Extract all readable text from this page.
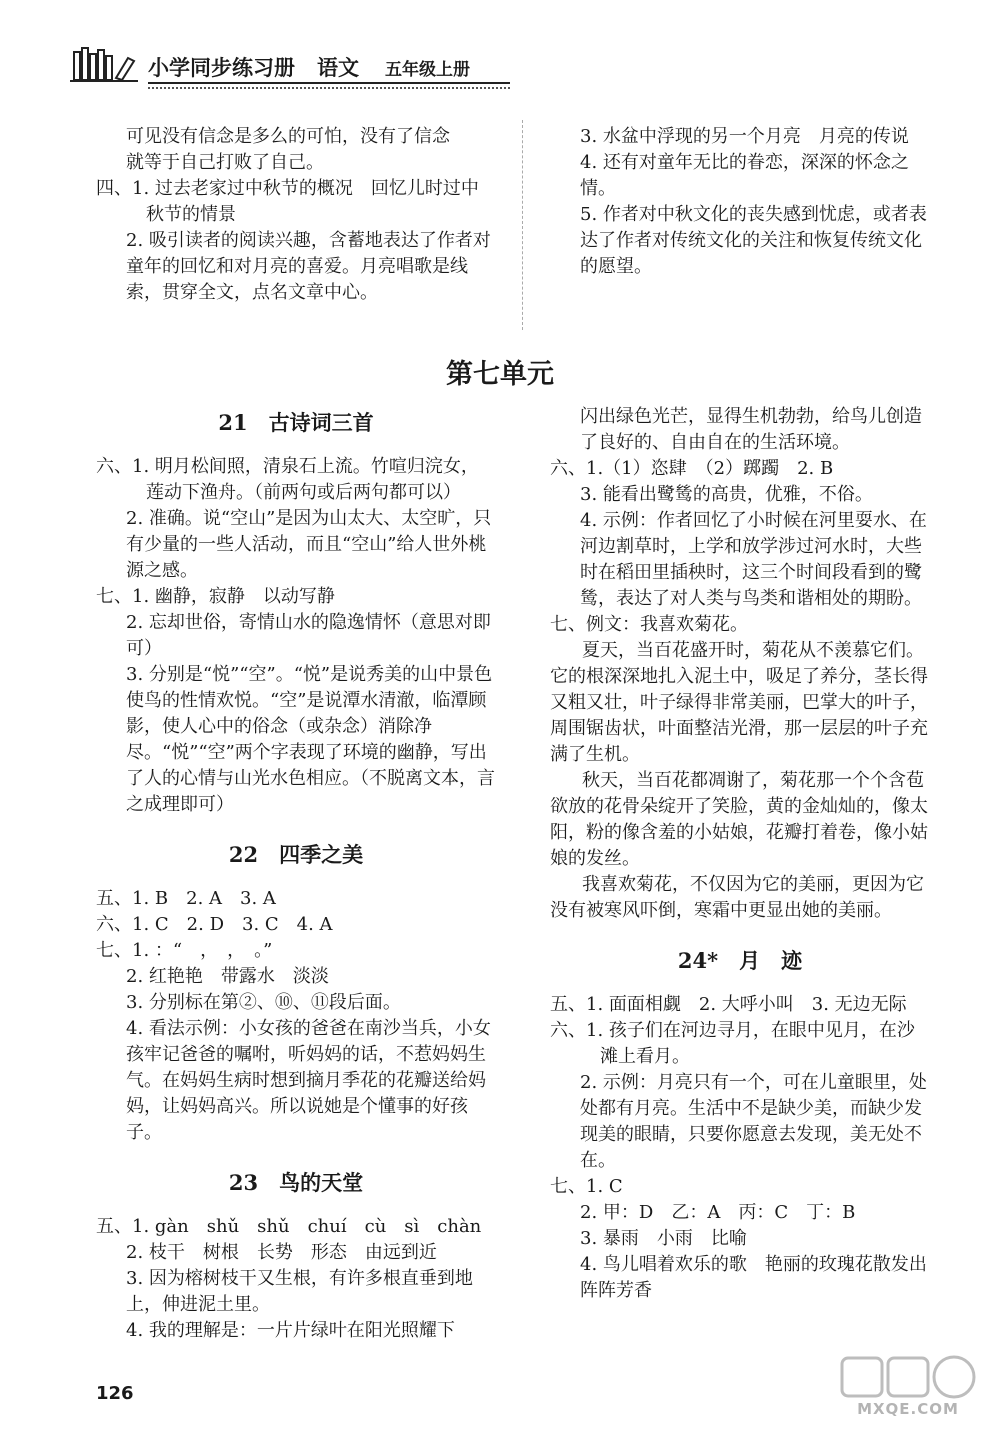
小学同步练习册 语文 五年级上册

可见没有信念是多么的可怕，没有了信念

就等于自己打败了自己。

四、1. 过去老家过中秋节的概况　回忆儿时过中秋节的情景

2. 吸引读者的阅读兴趣，含蓄地表达了作者对童年的回忆和对月亮的喜爱。月亮唱歌是线索，贯穿全文，点名文章中心。

3. 水盆中浮现的另一个月亮　月亮的传说

4. 还有对童年无比的眷恋，深深的怀念之情。

5. 作者对中秋文化的丧失感到忧虑，或者表达了作者对传统文化的关注和恢复传统文化的愿望。

第七单元

21　古诗词三首

六、1. 明月松间照，清泉石上流。竹喧归浣女，莲动下渔舟。（前两句或后两句都可以）

2. 准确。说“空山”是因为山太大、太空旷，只有少量的一些人活动，而且“空山”给人世外桃源之感。

七、1. 幽静，寂静　以动写静

2. 忘却世俗，寄情山水的隐逸情怀（意思对即可）

3. 分别是“悦”“空”。“悦”是说秀美的山中景色使鸟的性情欢悦。“空”是说潭水清澈，临潭顾影，使人心中的俗念（或杂念）消除净尽。“悦”“空”两个字表现了环境的幽静，写出了人的心情与山光水色相应。（不脱离文本，言之成理即可）

22　四季之美

五、1. B　2. A　3. A

六、1. C　2. D　3. C　4. A

七、1. ：“　，　，　。”

2. 红艳艳　带露水　淡淡

3. 分别标在第②、⑩、⑪段后面。

4. 看法示例：小女孩的爸爸在南沙当兵，小女孩牢记爸爸的嘱咐，听妈妈的话，不惹妈妈生气。在妈妈生病时想到摘月季花的花瓣送给妈妈，让妈妈高兴。所以说她是个懂事的好孩子。

23　鸟的天堂

五、1. gàn　shǔ　shǔ　chuí　cù　sì　chàn

2. 枝干　树根　长势　形态　由远到近

3. 因为榕树枝干又生根，有许多根直垂到地上，伸进泥土里。

4. 我的理解是：一片片绿叶在阳光照耀下

闪出绿色光芒，显得生机勃勃，给鸟儿创造了良好的、自由自在的生活环境。

六、1.（1）恣肆　（2）踯躅　2. B

3. 能看出鹭鸶的高贵，优雅，不俗。

4. 示例：作者回忆了小时候在河里耍水、在河边割草时，上学和放学涉过河水时，大些时在稻田里插秧时，这三个时间段看到的鹭鸶，表达了对人类与鸟类和谐相处的期盼。

七、例文：我喜欢菊花。

夏天，当百花盛开时，菊花从不羡慕它们。它的根深深地扎入泥土中，吸足了养分，茎长得又粗又壮，叶子绿得非常美丽，巴掌大的叶子，周围锯齿状，叶面整洁光滑，那一层层的叶子充满了生机。

秋天，当百花都凋谢了，菊花那一个个含苞欲放的花骨朵绽开了笑脸，黄的金灿灿的，像太阳，粉的像含羞的小姑娘，花瓣打着卷，像小姑娘的发丝。

我喜欢菊花，不仅因为它的美丽，更因为它没有被寒风吓倒，寒霜中更显出她的美丽。

24*　月　迹

五、1. 面面相觑　2. 大呼小叫　3. 无边无际

六、1. 孩子们在河边寻月，在眼中见月，在沙滩上看月。

2. 示例：月亮只有一个，可在儿童眼里，处处都有月亮。生活中不是缺少美，而缺少发现美的眼睛，只要你愿意去发现，美无处不在。

七、1. C

2. 甲：D　乙：A　丙：C　丁：B

3. 暴雨　小雨　比喻

4. 鸟儿唱着欢乐的歌　艳丽的玫瑰花散发出阵阵芳香

126
MXQE.COM
